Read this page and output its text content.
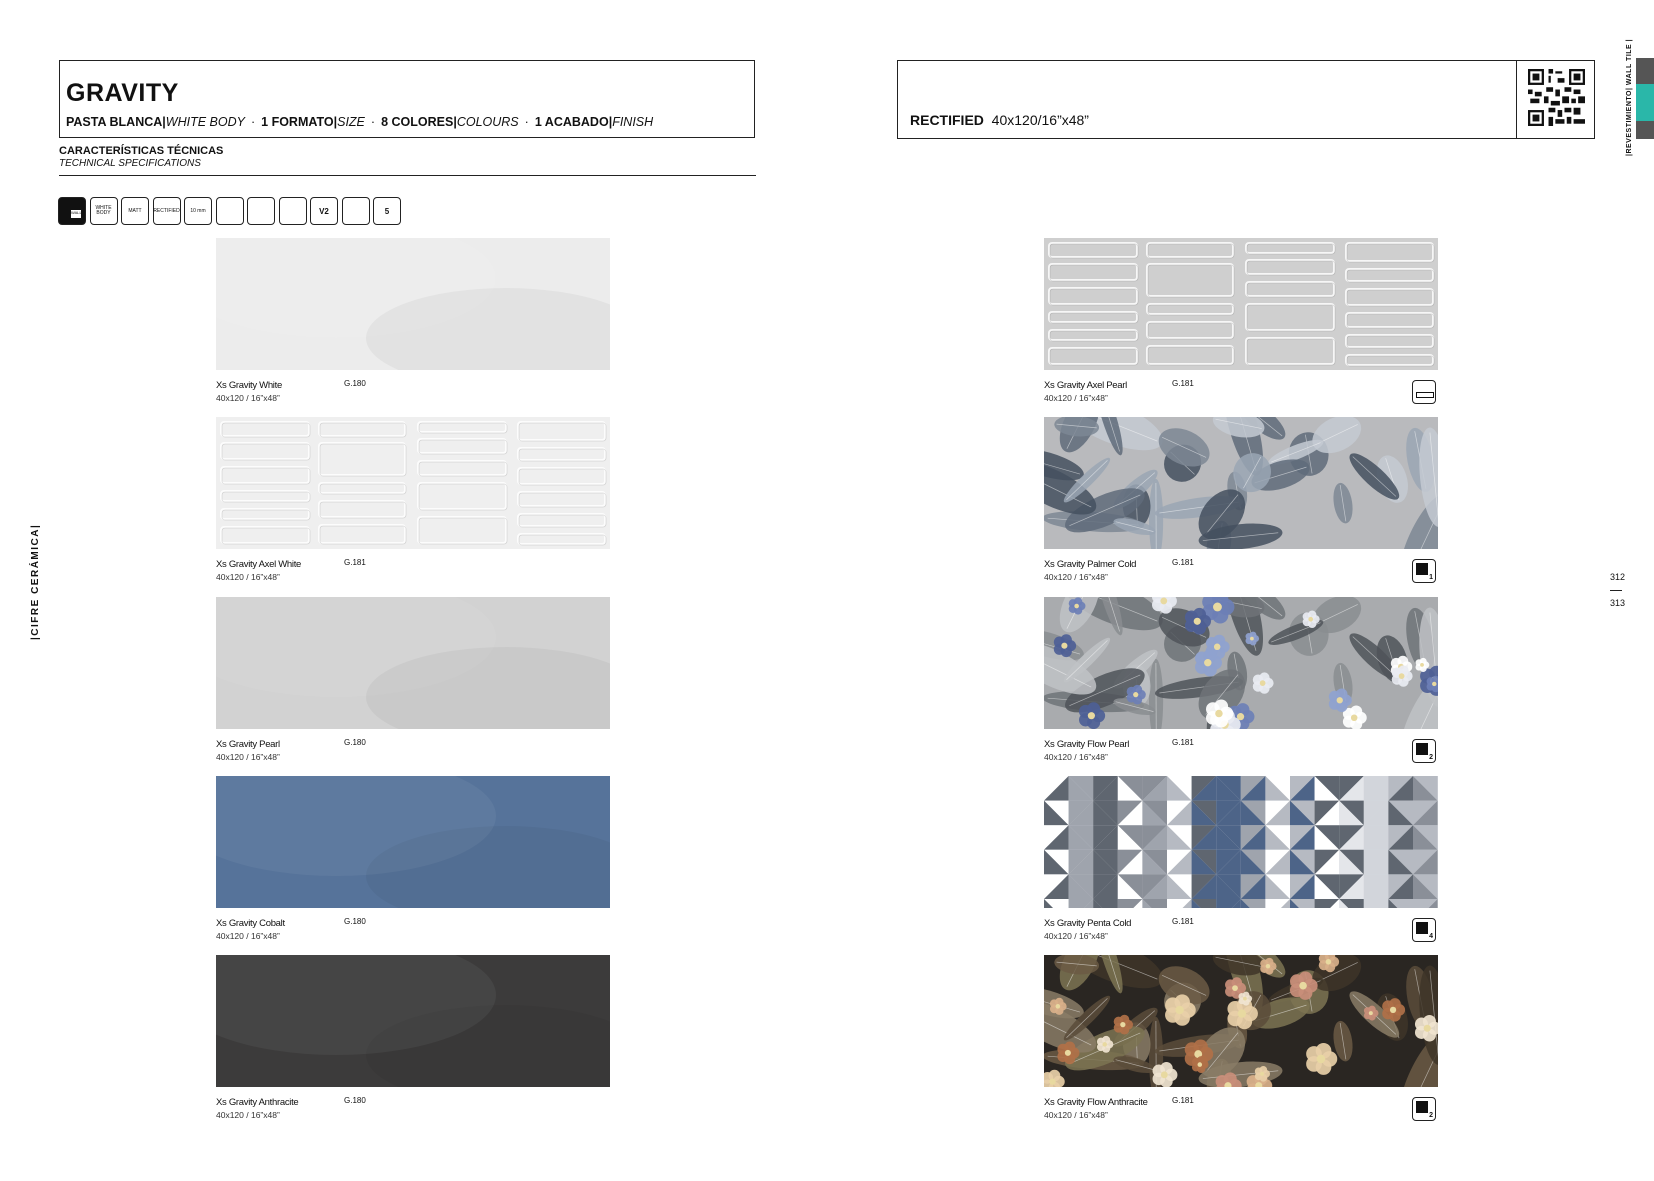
GRAVITY
PASTA BLANCA|WHITE BODY · 1 FORMATO|SIZE · 8 COLORES|COLOURS · 1 ACABADO|FINISH
CARACTERÍSTICAS TÉCNICAS
TECHNICAL SPECIFICATIONS
WALL
WHITE BODY	MATT RECTIFIED 10 mm	V2	5
RECTIFIED 40x120/16”x48”
|CIFRE CERÁMICA|
|REVESTIMIENTO| WALL TILE |
312
313
Xs Gravity White
40x120 / 16”x48”
G.180
Xs Gravity Axel White
40x120 / 16”x48”
G.181
Xs Gravity Pearl
40x120 / 16”x48”
G.180
Xs Gravity Cobalt
40x120 / 16”x48”
G.180
Xs Gravity Anthracite
40x120 / 16”x48”
G.180
Xs Gravity Axel Pearl
40x120 / 16”x48”
G.181
Xs Gravity Palmer Cold
40x120 / 16”x48”
G.181
1
Xs Gravity Flow Pearl
40x120 / 16”x48”
G.181
2
Xs Gravity Penta Cold
40x120 / 16”x48”
G.181
4
Xs Gravity Flow Anthracite
40x120 / 16”x48”
G.181
2
